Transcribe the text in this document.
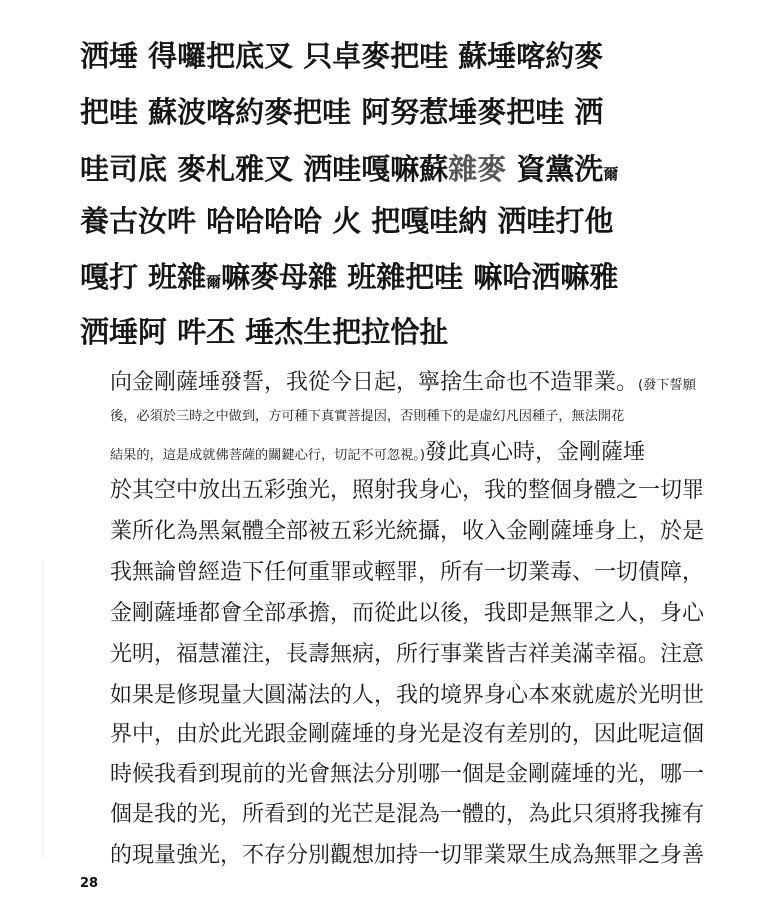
洒埵 得囉把底叉 只卓麥把哇 蘇埵喀約麥
把哇 蘇波喀約麥把哇 阿努惹埵麥把哇 洒
哇司底 麥札雅叉 洒哇嘎嘛蘇雜麥 資黨洗爾
養古汝吽 哈哈哈哈 火 把嘎哇納 洒哇打他
嘎打 班雜爾嘛麥母雜 班雜把哇 嘛哈洒嘛雅
洒埵阿 吽丕 埵杰生把拉恰扯
向金剛薩埵發誓，我從今日起，寧捨生命也不造罪業。(發下誓願
後，必須於三時之中做到，方可種下真實菩提因，否則種下的是虛幻凡因種子，無法開花
結果的，這是成就佛菩薩的關鍵心行，切記不可忽視。)發此真心時，金剛薩埵
於其空中放出五彩強光，照射我身心，我的整個身體之一切罪
業所化為黑氣體全部被五彩光統攝，收入金剛薩埵身上，於是
我無論曾經造下任何重罪或輕罪，所有一切業毒、一切債障，
金剛薩埵都會全部承擔，而從此以後，我即是無罪之人，身心
光明，福慧灌注，長壽無病，所行事業皆吉祥美滿幸福。注意
如果是修現量大圓滿法的人，我的境界身心本來就處於光明世
界中，由於此光跟金剛薩埵的身光是沒有差別的，因此呢這個
時候我看到現前的光會無法分別哪一個是金剛薩埵的光，哪一
個是我的光，所看到的光芒是混為一體的，為此只須將我擁有
的現量強光，不存分別觀想加持一切罪業眾生成為無罪之身善
28
